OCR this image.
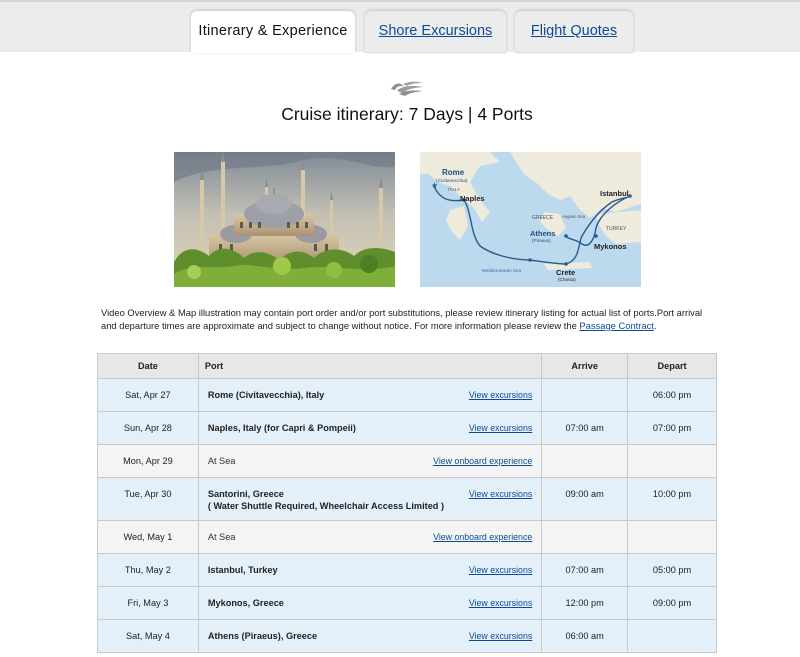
Itinerary & Experience	Shore Excursions	Flight Quotes
Cruise itinerary: 7 Days | 4 Ports
★
Rome
(Civitavecchia)
ITALY
Naples
GREECE Aegean Sea
Athens
(Piraeus)
Istanbul
TURKEY
Mykonos
Mediterranean Sea	Crete
(Chania)
Video Overview & Map illustration may contain port order and/or port substitutions, please review itinerary listing for actual list of ports.Port arrival and departure times are approximate and subject to change without notice. For more information please review the Passage Contract.
Date	Port	Arrive	Depart
Sat, Apr 27	Rome (Civitavecchia), Italy View excursions		06:00 pm
Sun, Apr 28	Naples, Italy (for Capri & Pompeii) View excursions	07:00 am	07:00 pm
Mon, Apr 29	At Sea View onboard experience		

Tue, Apr 30	Santorini, Greece
( Water Shuttle Required, Wheelchair Access Limited )
View excursions	09:00 am	10:00 pm
Wed, May 1	At Sea View onboard experience		

Thu, May 2	Istanbul, Turkey View excursions	07:00 am	05:00 pm
Fri, May 3	Mykonos, Greece View excursions	12:00 pm	09:00 pm
Sat, May 4	Athens (Piraeus), Greece View excursions	06:00 am	
